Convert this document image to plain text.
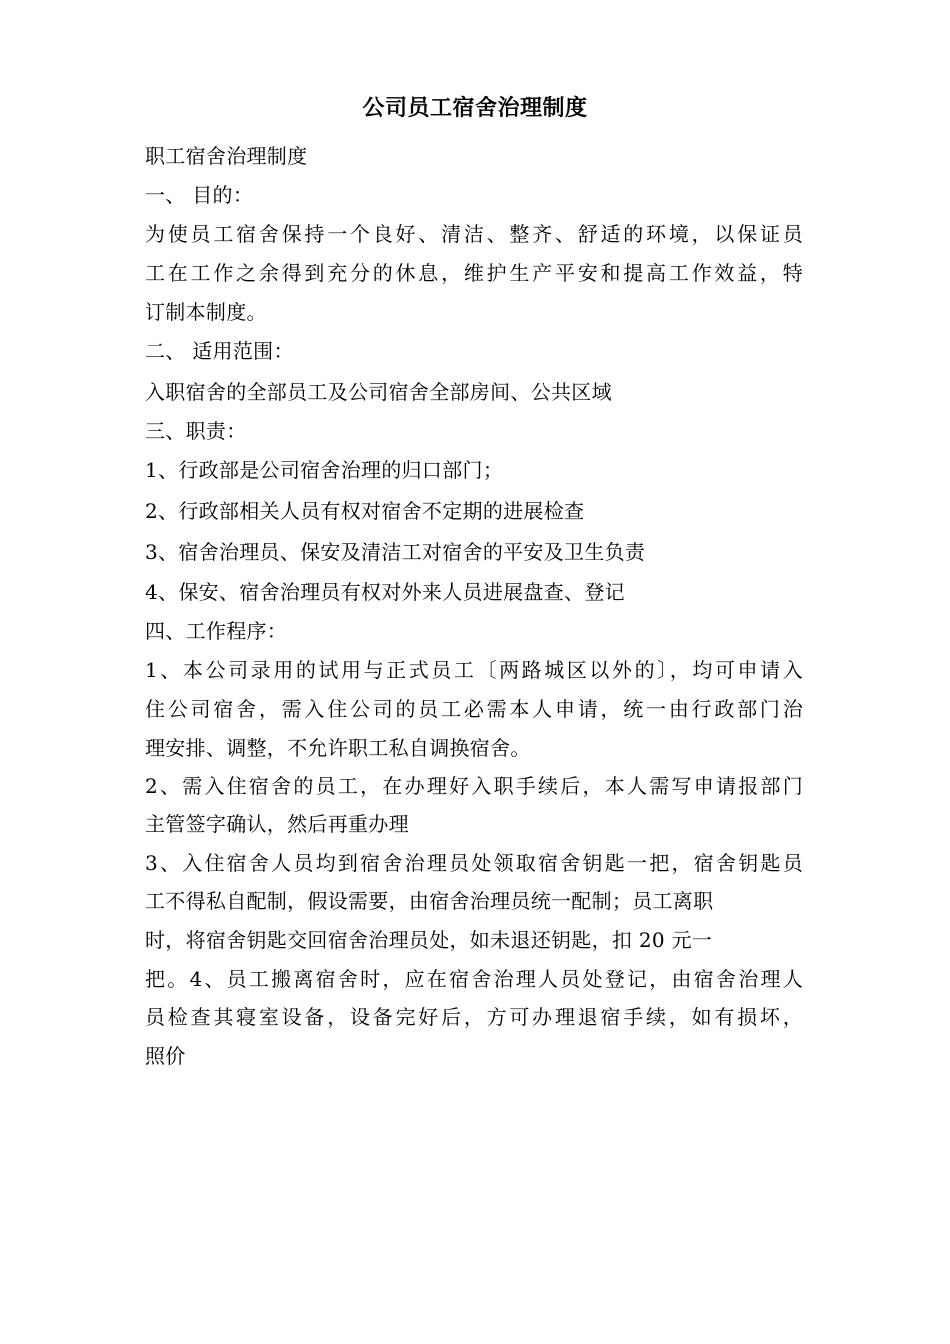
公司员工宿舍治理制度
职工宿舍治理制度
一、 目的：
为使员工宿舍保持一个良好、清洁、整齐、舒适的环境，以保证员
工在工作之余得到充分的休息，维护生产平安和提高工作效益，特
订制本制度。
二、 适用范围：
入职宿舍的全部员工及公司宿舍全部房间、公共区域
三、职责：
1、行政部是公司宿舍治理的归口部门；
2、行政部相关人员有权对宿舍不定期的进展检查
3、宿舍治理员、保安及清洁工对宿舍的平安及卫生负责
4、保安、宿舍治理员有权对外来人员进展盘查、登记
四、工作程序：
1、本公司录用的试用与正式员工〔两路城区以外的〕，均可申请入
住公司宿舍，需入住公司的员工必需本人申请，统一由行政部门治
理安排、调整，不允许职工私自调换宿舍。
2、需入住宿舍的员工，在办理好入职手续后，本人需写申请报部门
主管签字确认，然后再重办理
3、入住宿舍人员均到宿舍治理员处领取宿舍钥匙一把，宿舍钥匙员
工不得私自配制，假设需要，由宿舍治理员统一配制；员工离职
时，将宿舍钥匙交回宿舍治理员处，如未退还钥匙，扣 20 元一
把。4、员工搬离宿舍时，应在宿舍治理人员处登记，由宿舍治理人
员检查其寝室设备，设备完好后，方可办理退宿手续，如有损坏，
照价
